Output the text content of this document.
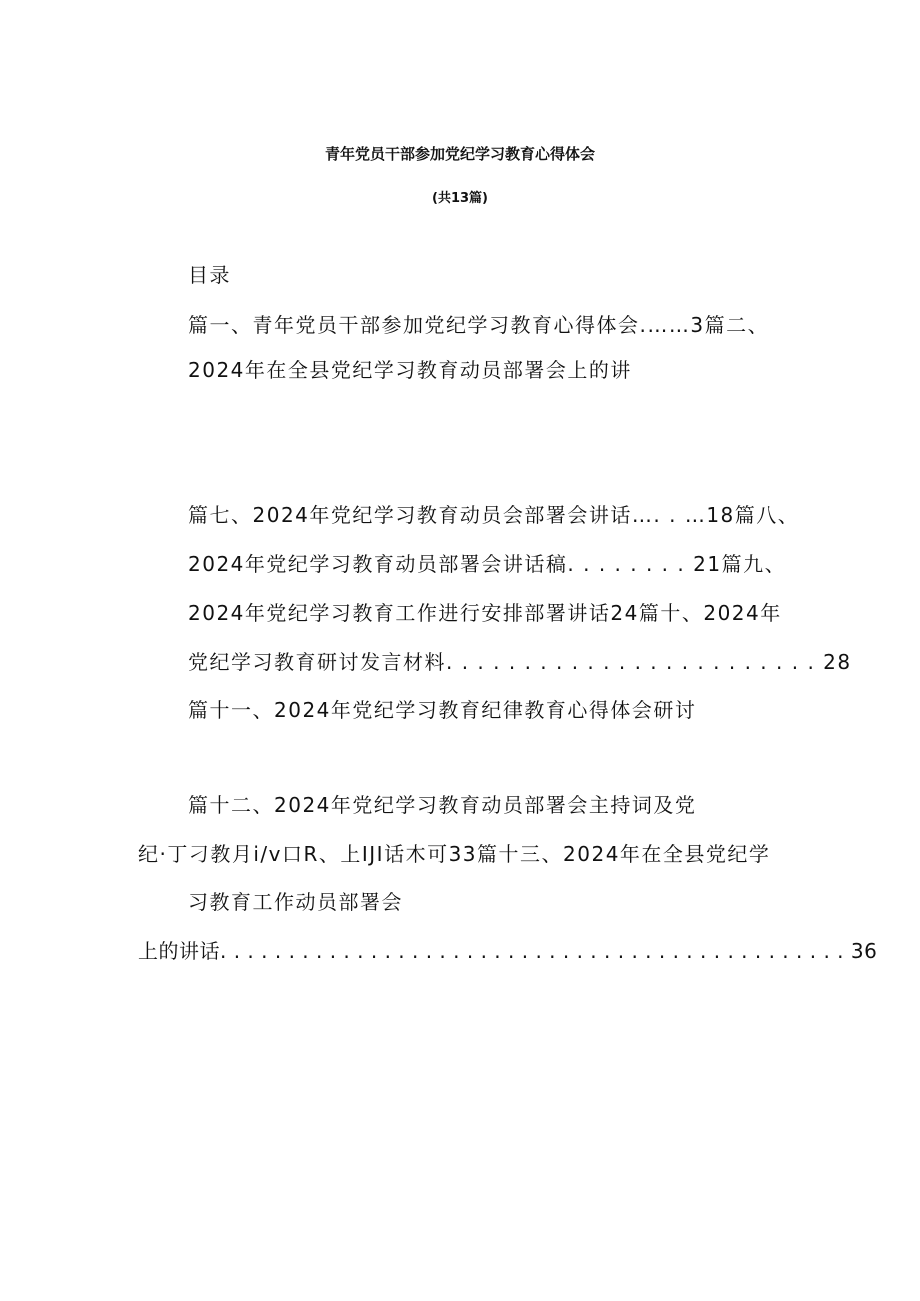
青年党员干部参加党纪学习教育心得体会
(共13篇)
目录
篇一、青年党员干部参加党纪学习教育心得体会.……3篇二、
2024年在全县党纪学习教育动员部署会上的讲
篇七、2024年党纪学习教育动员会部署会讲话…. . …18篇八、
2024年党纪学习教育动员部署会讲话稿. . . . . . . . 21篇九、
2024年党纪学习教育工作进行安排部署讲话24篇十、2024年
党纪学习教育研讨发言材料. . . . . . . . . . . . . . . . . . . . . . . . 28
篇十一、2024年党纪学习教育纪律教育心得体会研讨
篇十二、2024年党纪学习教育动员部署会主持词及党
纪·丁刁教月i/v口R、上IJI话木可33篇十三、2024年在全县党纪学
习教育工作动员部署会
上的讲话. . . . . . . . . . . . . . . . . . . . . . . . . . . . . . . . . . . . . . . . . . . . . . 36
